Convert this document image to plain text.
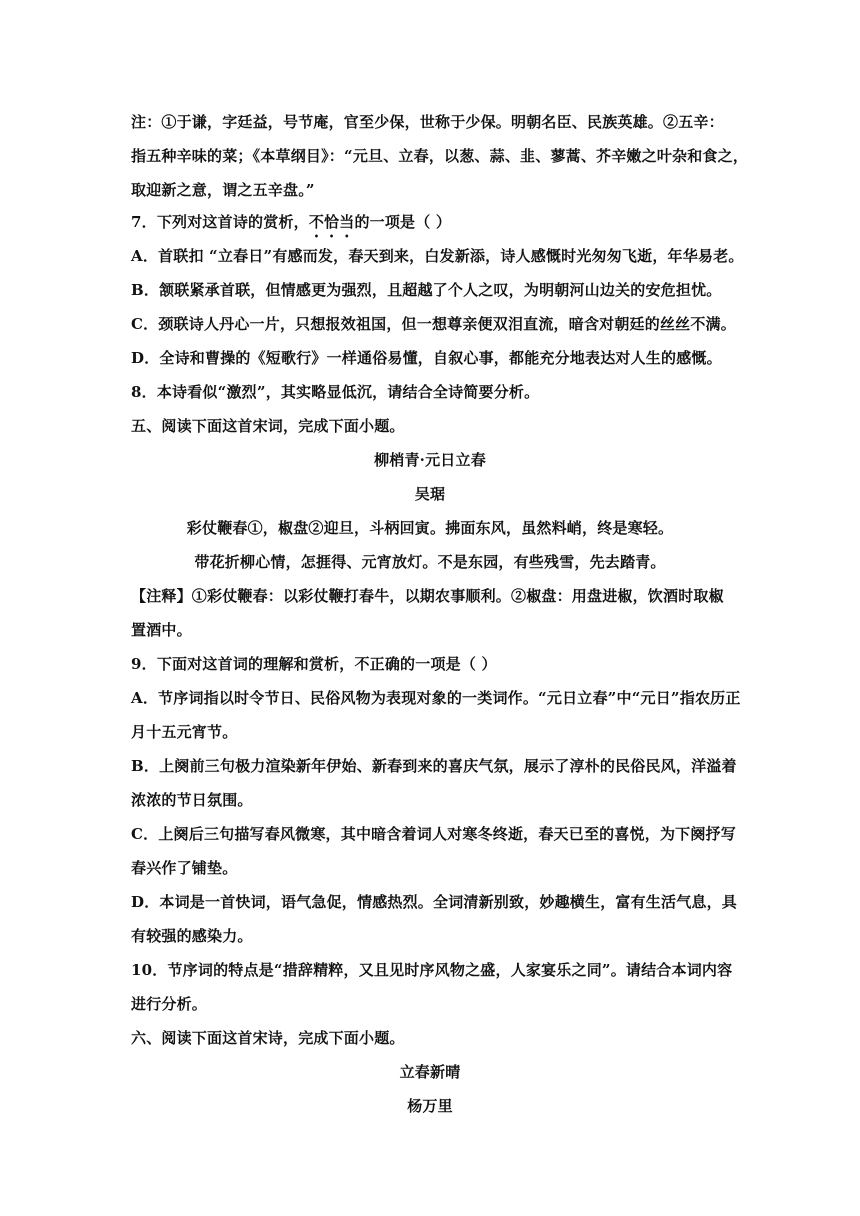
注：①于谦，字廷益，号节庵，官至少保，世称于少保。明朝名臣、民族英雄。②五辛：
指五种辛味的菜；《本草纲目》：“元旦、立春，以葱、蒜、韭、蓼蒿、芥辛嫩之叶杂和食之，
取迎新之意，谓之五辛盘。”
7．下列对这首诗的赏析，不恰当的一项是（ ）
A．首联扣 “立春日”有感而发，春天到来，白发新添，诗人感慨时光匆匆飞逝，年华易老。
B．颔联紧承首联，但情感更为强烈，且超越了个人之叹，为明朝河山边关的安危担忧。
C．颈联诗人丹心一片，只想报效祖国，但一想尊亲便双泪直流，暗含对朝廷的丝丝不满。
D．全诗和曹操的《短歌行》一样通俗易懂，自叙心事，都能充分地表达对人生的感慨。
8．本诗看似“激烈”，其实略显低沉，请结合全诗简要分析。
五、阅读下面这首宋词，完成下面小题。
柳梢青·元日立春
吴琚
彩仗鞭春①，椒盘②迎旦，斗柄回寅。拂面东风，虽然料峭，终是寒轻。
带花折柳心情，怎捱得、元宵放灯。不是东园，有些残雪，先去踏青。
【注释】①彩仗鞭春：以彩仗鞭打春牛，以期农事顺利。②椒盘：用盘进椒，饮酒时取椒
置酒中。
9．下面对这首词的理解和赏析，不正确的一项是（ ）
A．节序词指以时令节日、民俗风物为表现对象的一类词作。“元日立春”中“元日”指农历正
月十五元宵节。
B．上阕前三句极力渲染新年伊始、新春到来的喜庆气氛，展示了淳朴的民俗民风，洋溢着
浓浓的节日氛围。
C．上阕后三句描写春风微寒，其中暗含着词人对寒冬终逝，春天已至的喜悦，为下阕抒写
春兴作了铺垫。
D．本词是一首快词，语气急促，情感热烈。全词清新别致，妙趣横生，富有生活气息，具
有较强的感染力。
10．节序词的特点是“措辞精粹，又且见时序风物之盛，人家宴乐之同”。请结合本词内容
进行分析。
六、阅读下面这首宋诗，完成下面小题。
立春新晴
杨万里
